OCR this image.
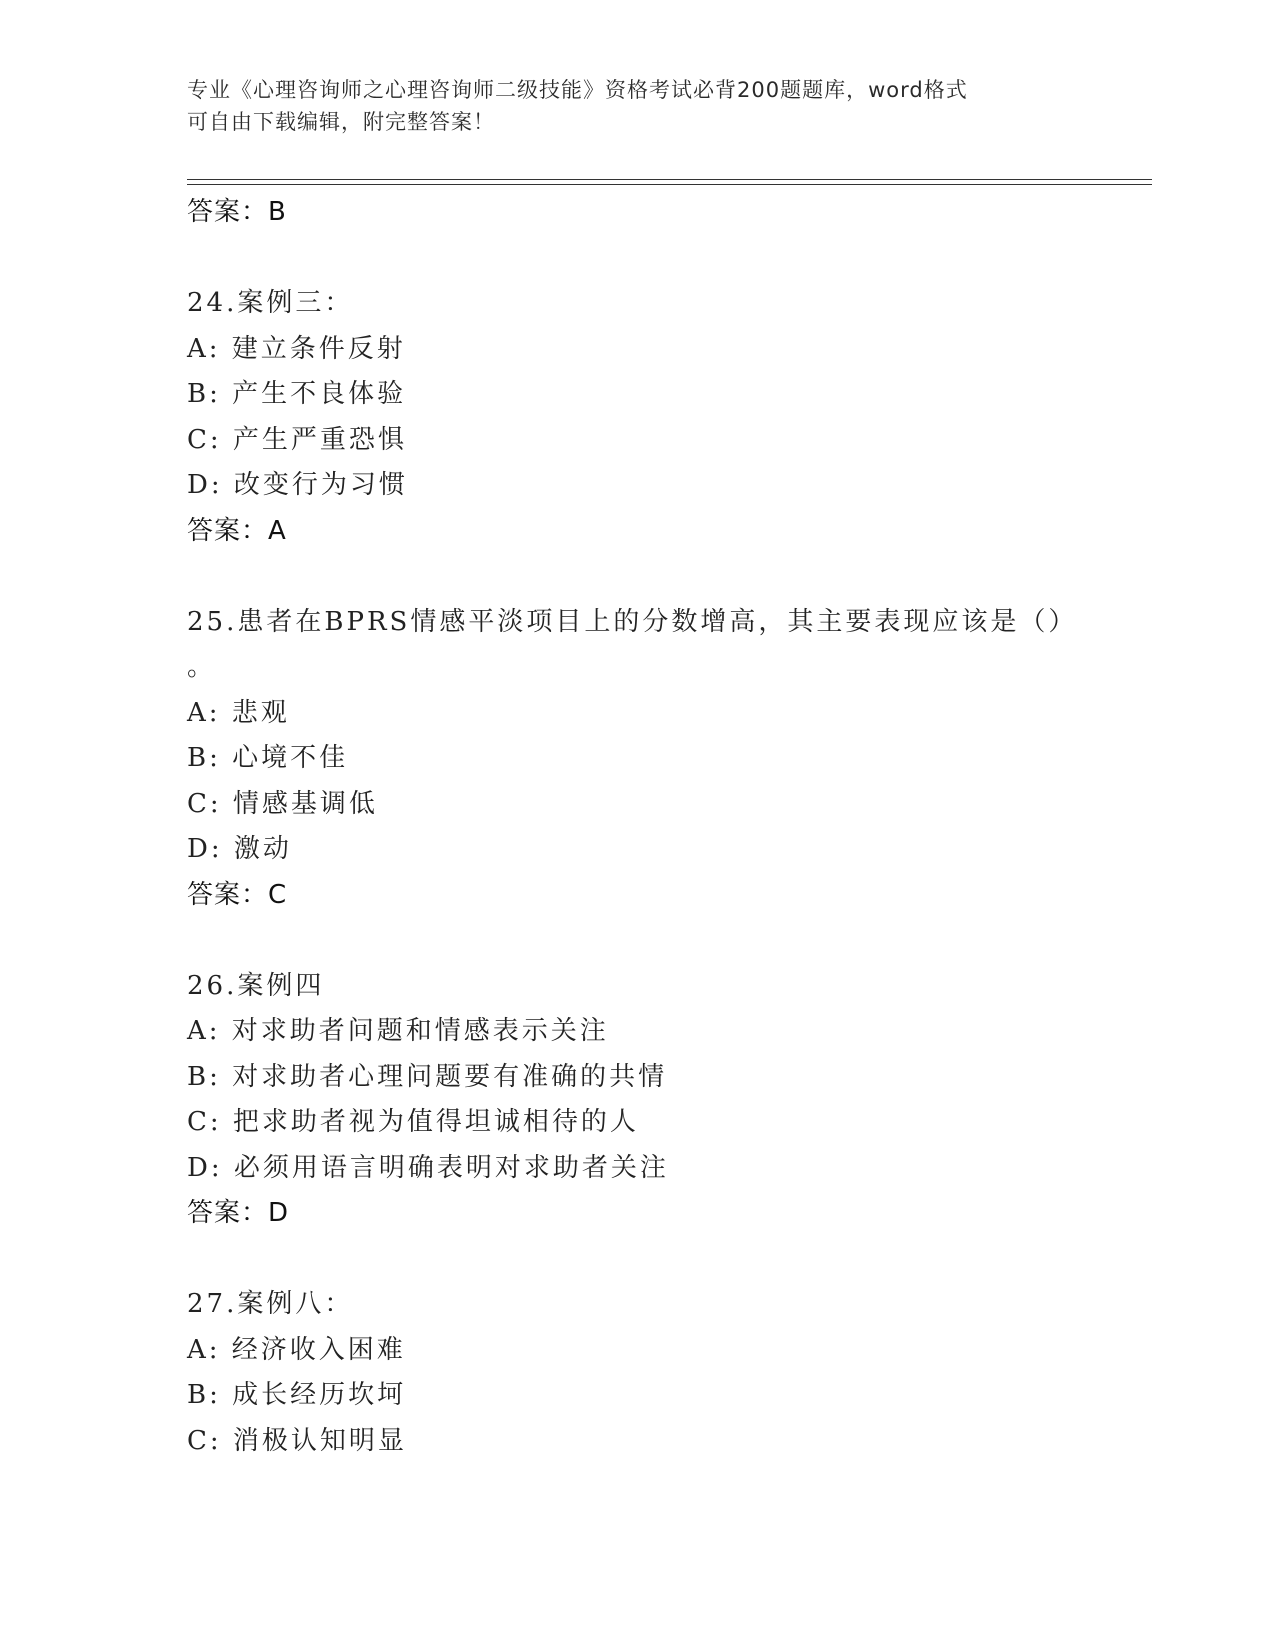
专业《心理咨询师之心理咨询师二级技能》资格考试必背200题题库，word格式
可自由下载编辑，附完整答案！
答案：B
24.案例三：
A: 建立条件反射
B: 产生不良体验
C: 产生严重恐惧
D: 改变行为习惯
答案：A
25.患者在BPRS情感平淡项目上的分数增高，其主要表现应该是（）
。
A: 悲观
B: 心境不佳
C: 情感基调低
D: 激动
答案：C
26.案例四
A: 对求助者问题和情感表示关注
B: 对求助者心理问题要有准确的共情
C: 把求助者视为值得坦诚相待的人
D: 必须用语言明确表明对求助者关注
答案：D
27.案例八：
A: 经济收入困难
B: 成长经历坎坷
C: 消极认知明显
